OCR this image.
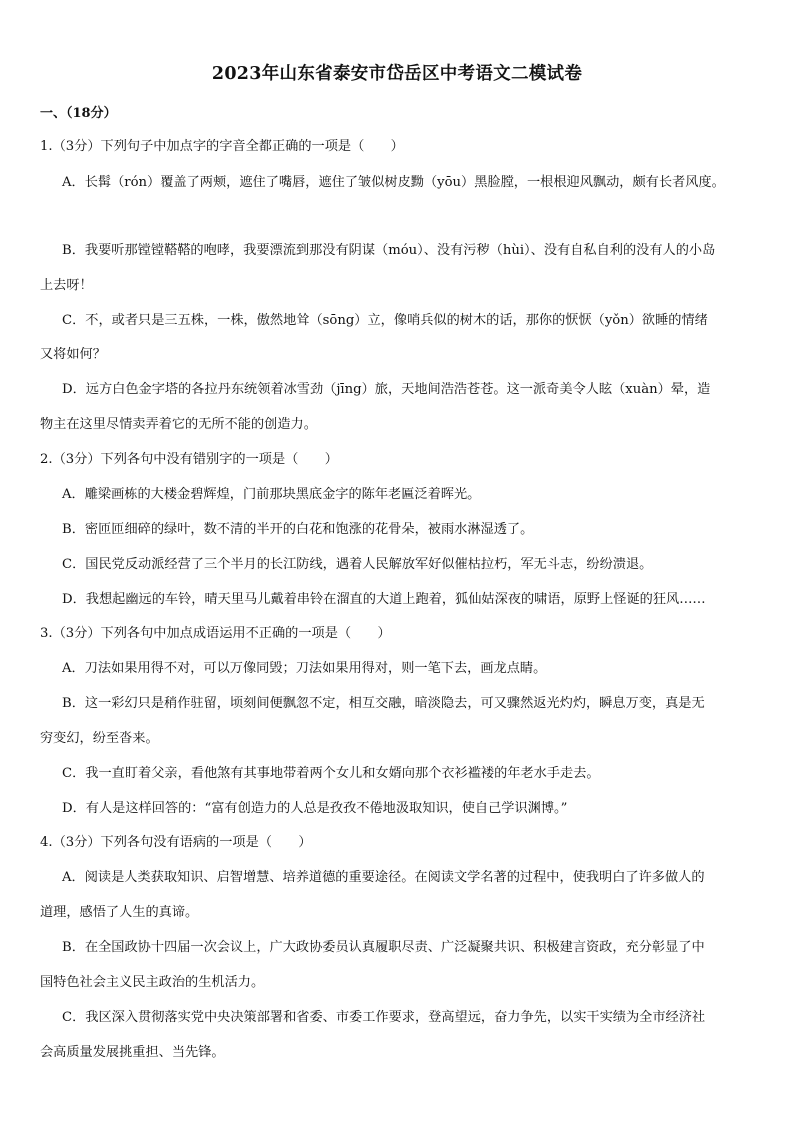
2023年山东省泰安市岱岳区中考语文二模试卷
一、（18分）
1.（3分）下列句子中加点字的字音全都正确的一项是（　　）
A．长髯（rón）覆盖了两颊，遮住了嘴唇，遮住了皱似树皮黝（yōu）黑脸膛，一根根迎风飘动，颇有长者风度。
B．我要听那镗镗鞳鞳的咆哮，我要漂流到那没有阴谋（móu）、没有污秽（hùi）、没有自私自利的没有人的小岛
上去呀！
C．不，或者只是三五株，一株，傲然地耸（sōng）立，像哨兵似的树木的话，那你的恹恹（yǒn）欲睡的情绪
又将如何？
D．远方白色金字塔的各拉丹东统领着冰雪劲（jīng）旅，天地间浩浩苍苍。这一派奇美令人眩（xuàn）晕，造
物主在这里尽情卖弄着它的无所不能的创造力。
2.（3分）下列各句中没有错别字的一项是（　　）
A．雕梁画栋的大楼金碧辉煌，门前那块黑底金字的陈年老匾泛着晖光。
B．密匝匝细碎的绿叶，数不清的半开的白花和饱涨的花骨朵，被雨水淋湿透了。
C．国民党反动派经营了三个半月的长江防线，遇着人民解放军好似催枯拉朽，军无斗志，纷纷溃退。
D．我想起幽远的车铃，晴天里马儿戴着串铃在溜直的大道上跑着，狐仙姑深夜的啸语，原野上怪诞的狂风……
3.（3分）下列各句中加点成语运用不正确的一项是（　　）
A．刀法如果用得不对，可以万像同毁；刀法如果用得对，则一笔下去，画龙点睛。
B．这一彩幻只是稍作驻留，顷刻间便飘忽不定，相互交融，暗淡隐去，可又骤然返光灼灼，瞬息万变，真是无
穷变幻，纷至沓来。
C．我一直盯着父亲，看他煞有其事地带着两个女儿和女婿向那个衣衫褴褛的年老水手走去。
D．有人是这样回答的：“富有创造力的人总是孜孜不倦地汲取知识，使自己学识渊博。”
4.（3分）下列各句没有语病的一项是（　　）
A．阅读是人类获取知识、启智增慧、培养道德的重要途径。在阅读文学名著的过程中，使我明白了许多做人的
道理，感悟了人生的真谛。
B．在全国政协十四届一次会议上，广大政协委员认真履职尽责、广泛凝聚共识、积极建言资政，充分彰显了中
国特色社会主义民主政治的生机活力。
C．我区深入贯彻落实党中央决策部署和省委、市委工作要求，登高望远，奋力争先，以实干实绩为全市经济社
会高质量发展挑重担、当先锋。
